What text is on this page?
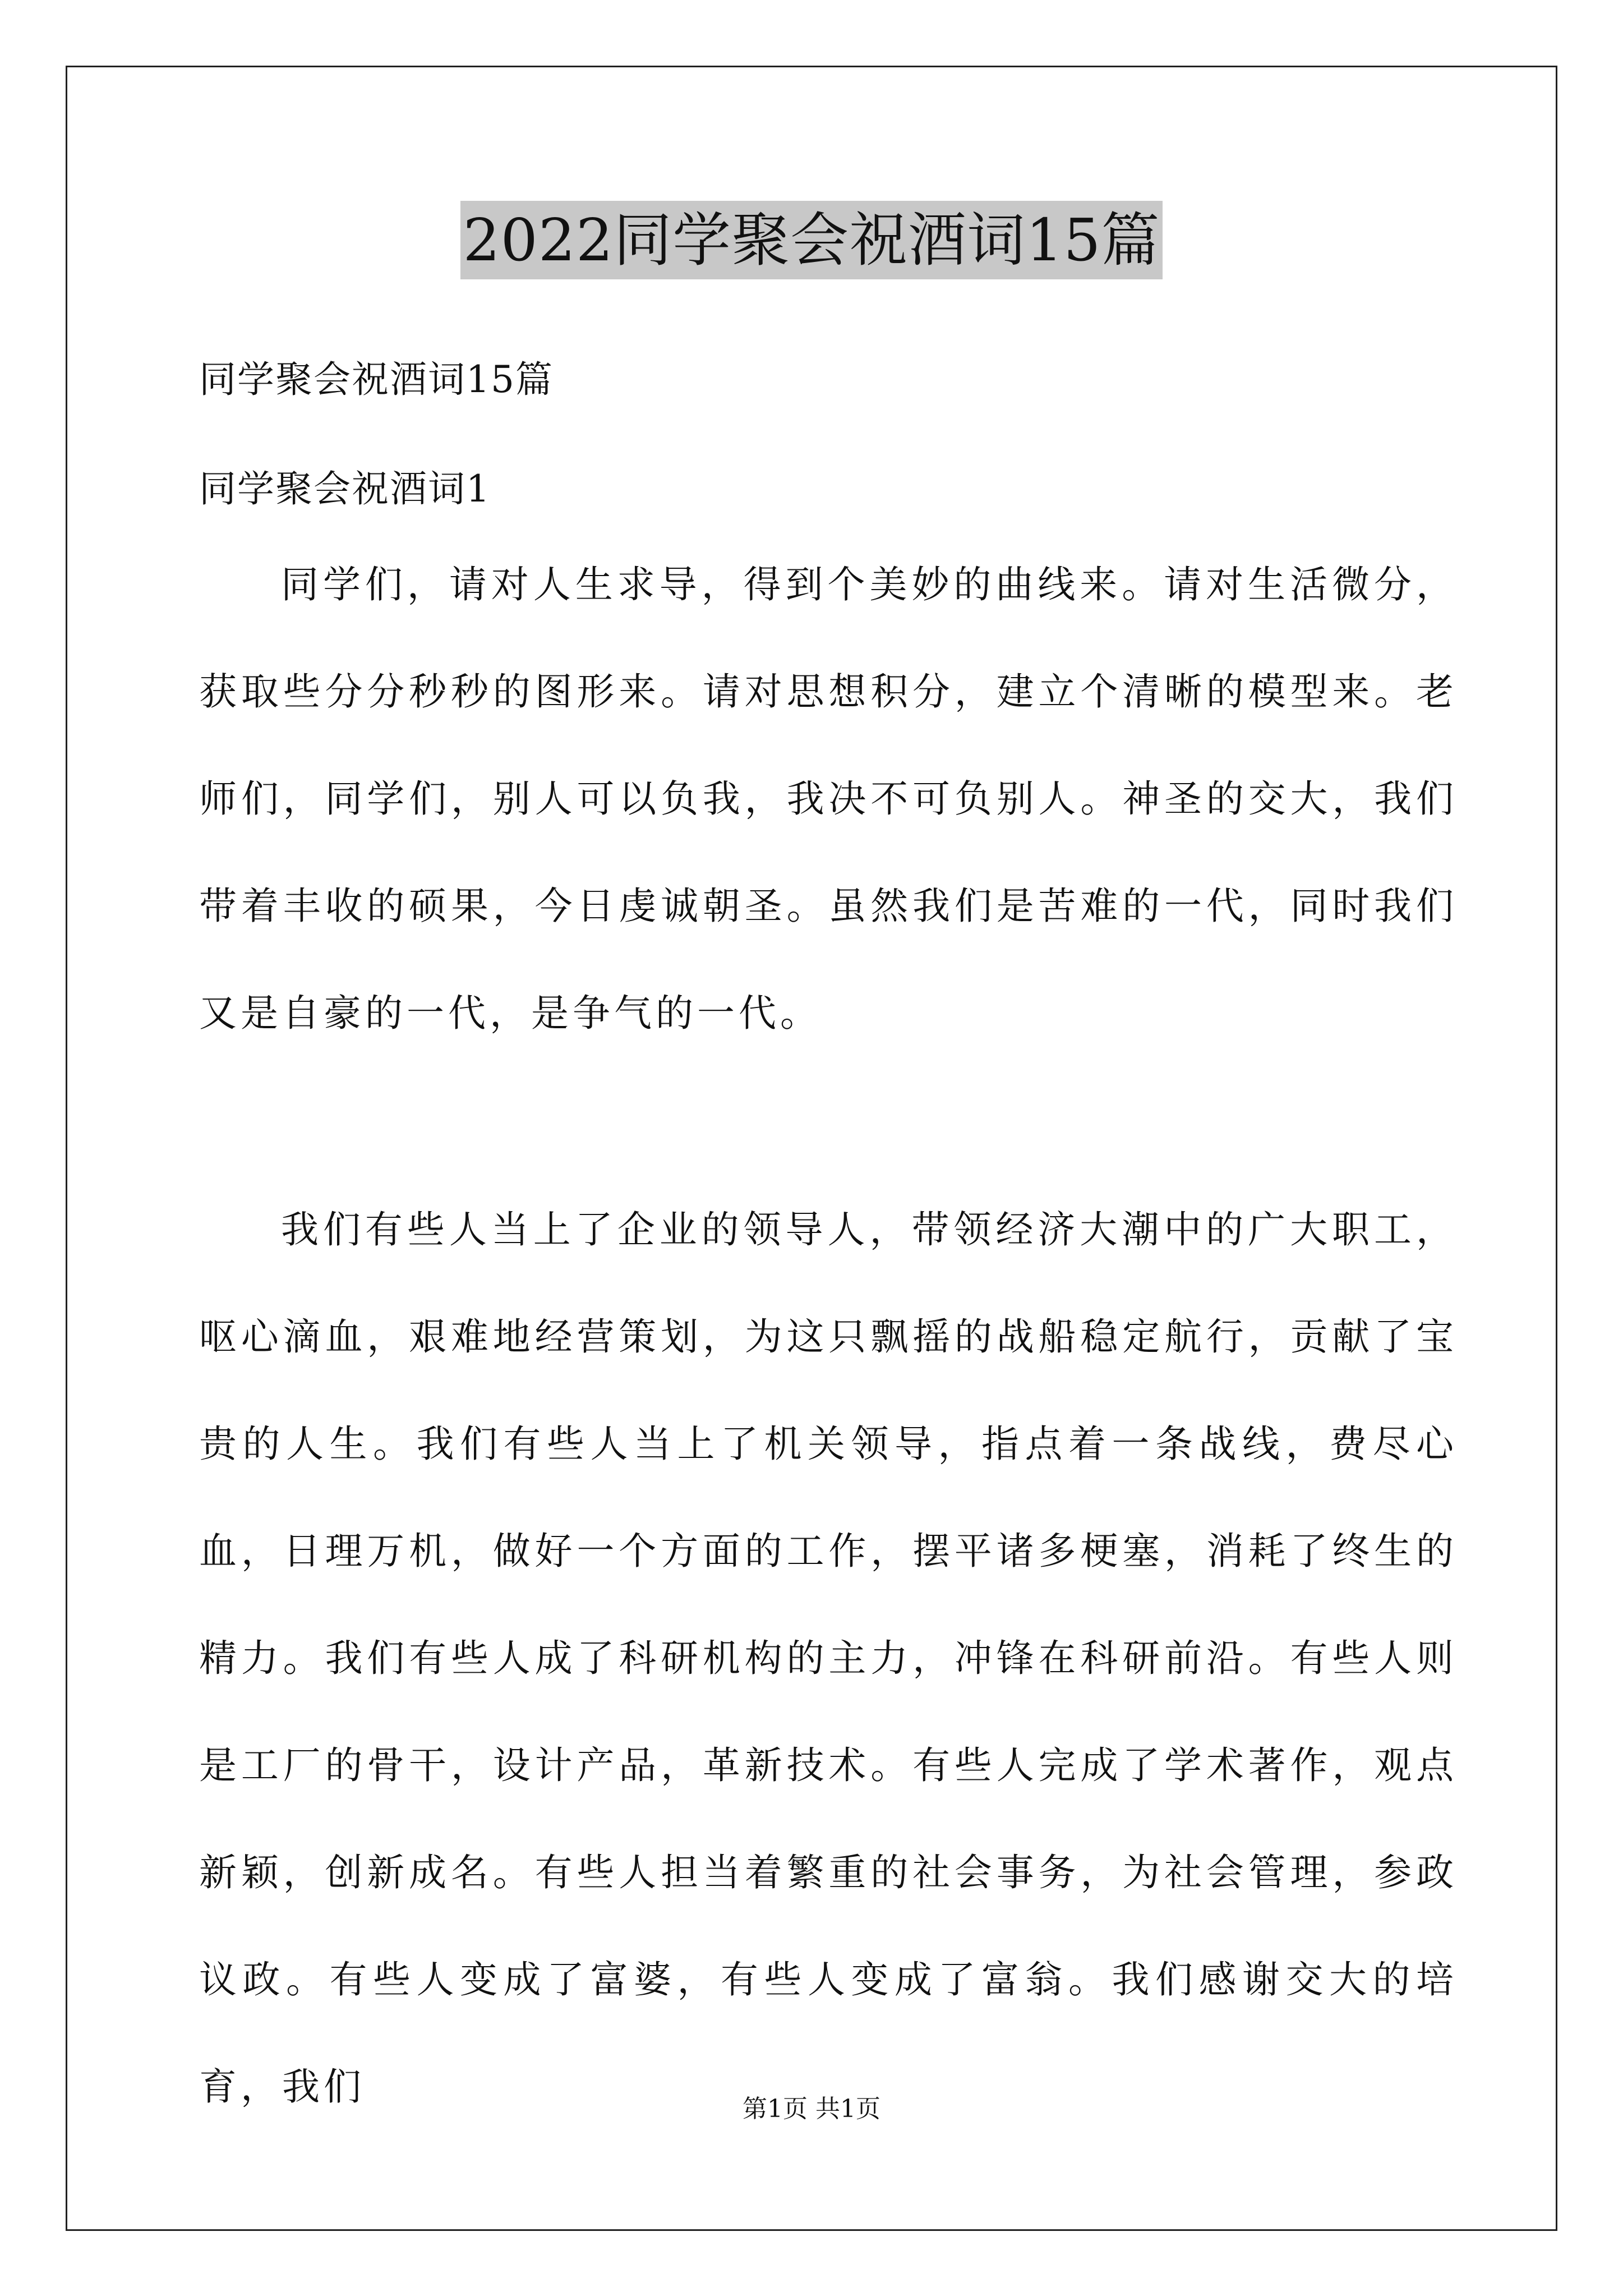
2022同学聚会祝酒词15篇
同学聚会祝酒词15篇
同学聚会祝酒词1

同学们，请对人生求导，得到个美妙的曲线来。请对生活微分，获取些分分秒秒的图形来。请对思想积分，建立个清晰的模型来。老师们，同学们，别人可以负我，我决不可负别人。神圣的交大，我们带着丰收的硕果，今日虔诚朝圣。虽然我们是苦难的一代，同时我们又是自豪的一代，是争气的一代。

我们有些人当上了企业的领导人，带领经济大潮中的广大职工，呕心滴血，艰难地经营策划，为这只飘摇的战船稳定航行，贡献了宝贵的人生。我们有些人当上了机关领导，指点着一条战线，费尽心血，日理万机，做好一个方面的工作，摆平诸多梗塞，消耗了终生的精力。我们有些人成了科研机构的主力，冲锋在科研前沿。有些人则是工厂的骨干，设计产品，革新技术。有些人完成了学术著作，观点新颖，创新成名。有些人担当着繁重的社会事务，为社会管理，参政议政。有些人变成了富婆，有些人变成了富翁。我们感谢交大的培育，我们

第1页 共1页
